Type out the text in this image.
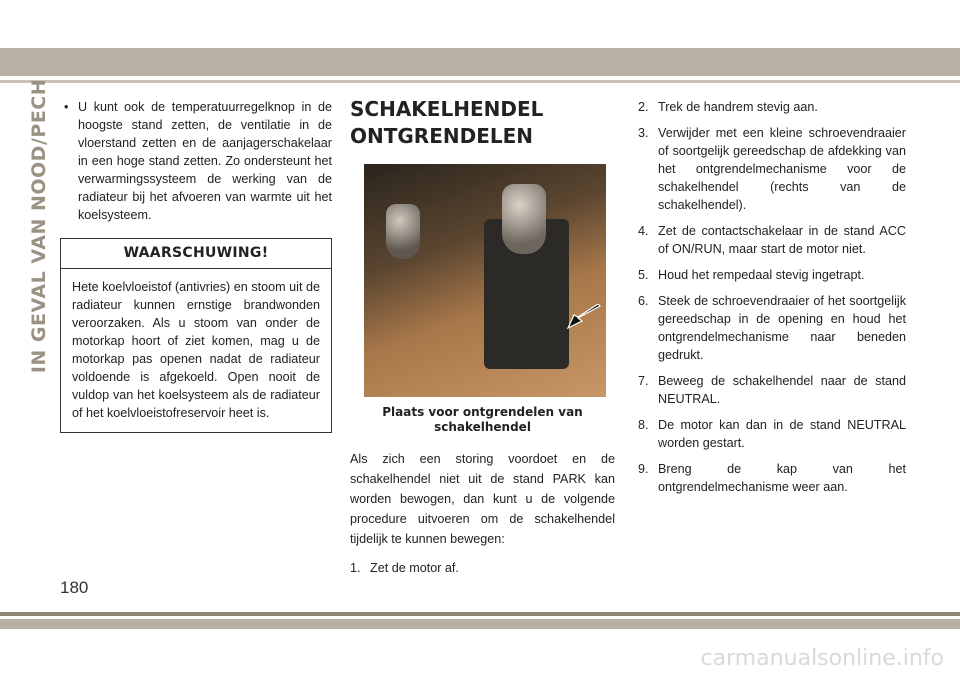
IN GEVAL VAN NOOD/PECH • U kunt ook de temperatuurregelknop in de hoogste stand zetten, de ventilatie in de vloerstand zetten en de aanjagerschakelaar in een hoge stand zetten. Zo ondersteunt het verwarmingssysteem de werking van de radiateur bij het afvoeren van warmte uit het koelsysteem.
WAARSCHUWING!
Hete koelvloeistof (antivries) en stoom uit de radiateur kunnen ernstige brandwonden veroorzaken. Als u stoom van onder de motorkap hoort of ziet komen, mag u de motorkap pas openen nadat de radiateur voldoende is afgekoeld. Open nooit de vuldop van het koelsysteem als de radiateur of het koelvloeistofreservoir heet is.
SCHAKELHENDEL
ONTGRENDELEN
Plaats voor ontgrendelen van schakelhendel
Als zich een storing voordoet en de schakelhendel niet uit de stand PARK kan worden bewogen, dan kunt u de volgende procedure uitvoeren om de schakelhendel tijdelijk te kunnen bewegen:
1. Zet de motor af.
2. Trek de handrem stevig aan.
3. Verwijder met een kleine schroevendraaier of soortgelijk gereedschap de afdekking van het ontgrendelmechanisme voor de schakelhendel (rechts van de schakelhendel).
4. Zet de contactschakelaar in de stand ACC of ON/RUN, maar start de motor niet.
5. Houd het rempedaal stevig ingetrapt.
6. Steek de schroevendraaier of het soortgelijk gereedschap in de opening en houd het ontgrendelmechanisme naar beneden gedrukt.
7. Beweeg de schakelhendel naar de stand NEUTRAL.
8. De motor kan dan in de stand NEUTRAL worden gestart.
9. Breng de kap van het ontgrendelmechanisme weer aan.
180
carmanualsonline.info
